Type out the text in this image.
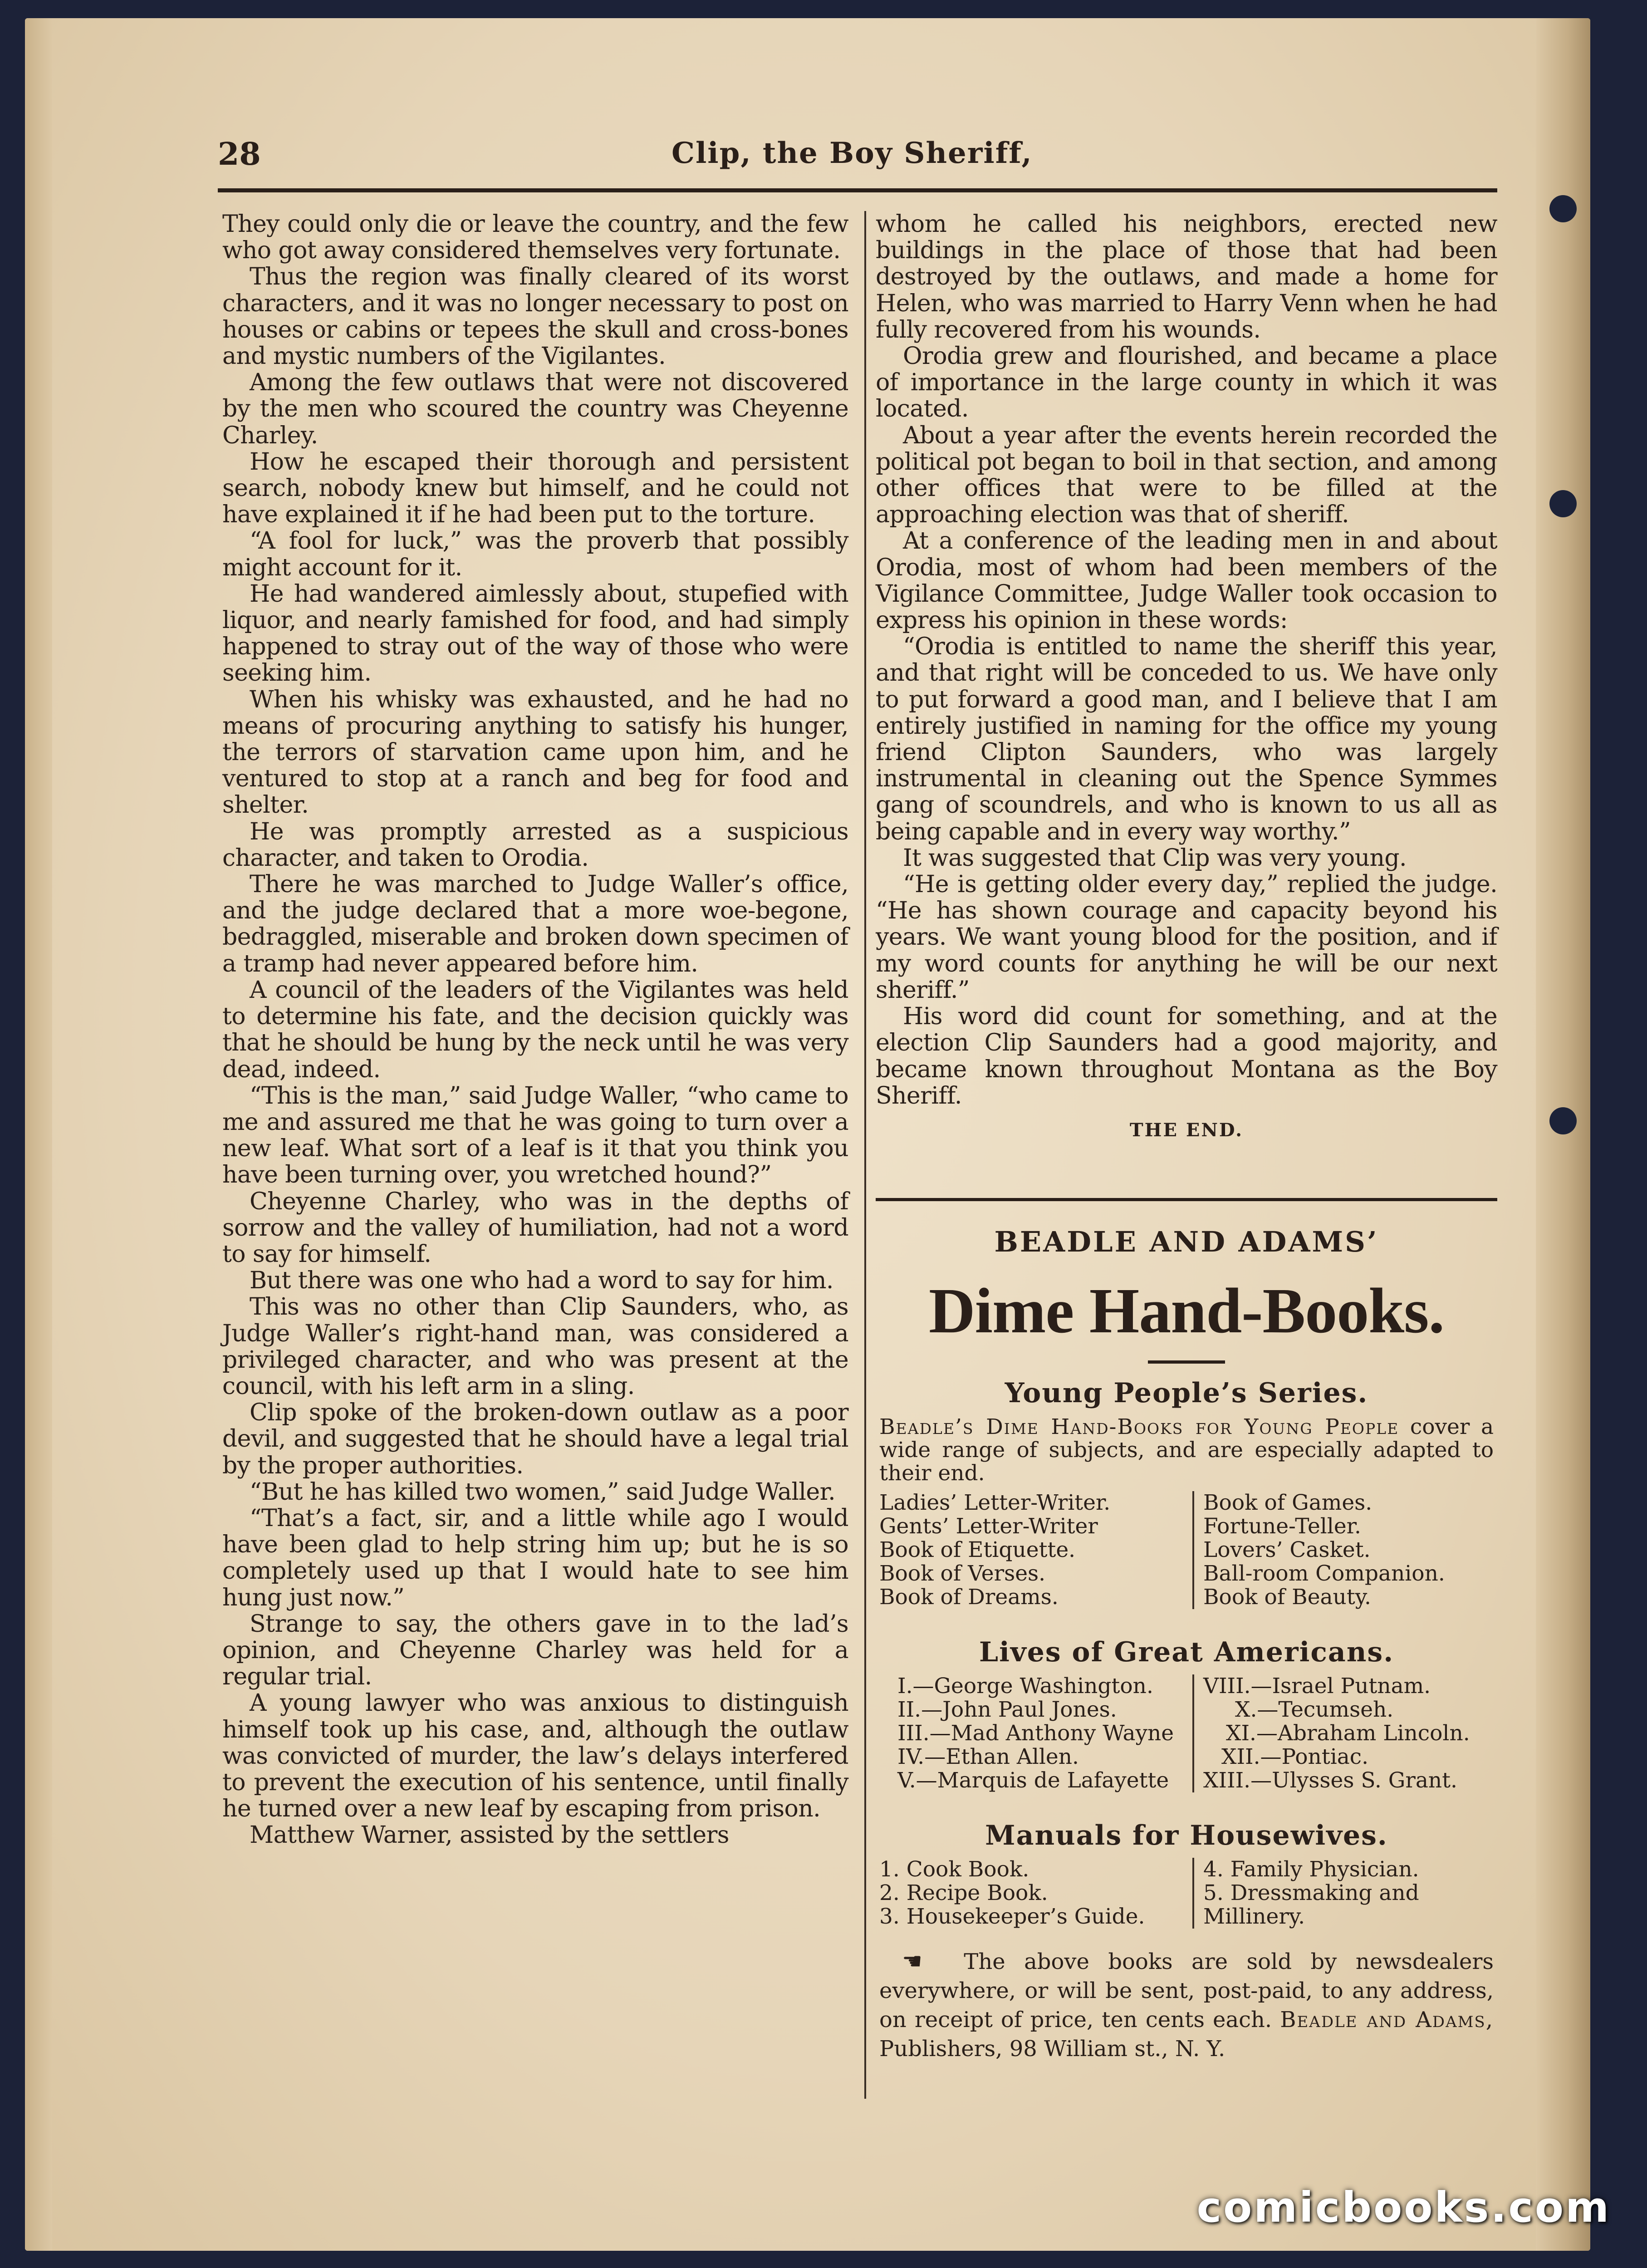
28	Clip, the Boy Sheriff,

They could only die or leave the country, and the few who got away considered themselves very fortunate.

Thus the region was finally cleared of its worst characters, and it was no longer necessary to post on houses or cabins or tepees the skull and cross-bones and mystic numbers of the Vigilantes.

Among the few outlaws that were not discovered by the men who scoured the country was Cheyenne Charley.

How he escaped their thorough and persistent search, nobody knew but himself, and he could not have explained it if he had been put to the torture.

“A fool for luck,” was the proverb that possibly might account for it.

He had wandered aimlessly about, stupefied with liquor, and nearly famished for food, and had simply happened to stray out of the way of those who were seeking him.

When his whisky was exhausted, and he had no means of procuring anything to satisfy his hunger, the terrors of starvation came upon him, and he ventured to stop at a ranch and beg for food and shelter.

He was promptly arrested as a suspicious character, and taken to Orodia.

There he was marched to Judge Waller’s office, and the judge declared that a more woe-begone, bedraggled, miserable and broken down specimen of a tramp had never appeared before him.

A council of the leaders of the Vigilantes was held to determine his fate, and the decision quickly was that he should be hung by the neck until he was very dead, indeed.

“This is the man,” said Judge Waller, “who came to me and assured me that he was going to turn over a new leaf. What sort of a leaf is it that you think you have been turning over, you wretched hound?”

Cheyenne Charley, who was in the depths of sorrow and the valley of humiliation, had not a word to say for himself.

But there was one who had a word to say for him.

This was no other than Clip Saunders, who, as Judge Waller’s right-hand man, was considered a privileged character, and who was present at the council, with his left arm in a sling.

Clip spoke of the broken-down outlaw as a poor devil, and suggested that he should have a legal trial by the proper authorities.

“But he has killed two women,” said Judge Waller.

“That’s a fact, sir, and a little while ago I would have been glad to help string him up; but he is so completely used up that I would hate to see him hung just now.”

Strange to say, the others gave in to the lad’s opinion, and Cheyenne Charley was held for a regular trial.

A young lawyer who was anxious to distinguish himself took up his case, and, although the outlaw was convicted of murder, the law’s delays interfered to prevent the execution of his sentence, until finally he turned over a new leaf by escaping from prison.

Matthew Warner, assisted by the settlers

whom he called his neighbors, erected new buildings in the place of those that had been destroyed by the outlaws, and made a home for Helen, who was married to Harry Venn when he had fully recovered from his wounds.

Orodia grew and flourished, and became a place of importance in the large county in which it was located.

About a year after the events herein recorded the political pot began to boil in that section, and among other offices that were to be filled at the approaching election was that of sheriff.

At a conference of the leading men in and about Orodia, most of whom had been members of the Vigilance Committee, Judge Waller took occasion to express his opinion in these words:

“Orodia is entitled to name the sheriff this year, and that right will be conceded to us. We have only to put forward a good man, and I believe that I am entirely justified in naming for the office my young friend Clipton Saunders, who was largely instrumental in cleaning out the Spence Symmes gang of scoundrels, and who is known to us all as being capable and in every way worthy.”

It was suggested that Clip was very young.

“He is getting older every day,” replied the judge. “He has shown courage and capacity beyond his years. We want young blood for the position, and if my word counts for anything he will be our next sheriff.”

His word did count for something, and at the election Clip Saunders had a good majority, and became known throughout Montana as the Boy Sheriff.

THE END.
BEADLE AND ADAMS’
Dime Hand-Books.
Young People’s Series.
Beadle’s Dime Hand-Books for Young People cover a wide range of subjects, and are especially adapted to their end.
Ladies’ Letter-Writer.
Gents’ Letter-Writer
Book of Etiquette.
Book of Verses.
Book of Dreams.
Book of Games.
Fortune-Teller.
Lovers’ Casket.
Ball-room Companion.
Book of Beauty.
Lives of Great Americans.
I.—George Washington.
II.—John Paul Jones.
III.—Mad Anthony Wayne
IV.—Ethan Allen.
V.—Marquis de Lafayette
VIII.—Israel Putnam.
X.—Tecumseh.
XI.—Abraham Lincoln.
XII.—Pontiac.
XIII.—Ulysses S. Grant.
Manuals for Housewives.
1. Cook Book.
2. Recipe Book.
3. Housekeeper’s Guide.
4. Family Physician.
5. Dressmaking and Millinery.
☛ The above books are sold by newsdealers everywhere, or will be sent, post-paid, to any address, on receipt of price, ten cents each. Beadle and Adams, Publishers, 98 William st., N. Y.
comicbooks.com
